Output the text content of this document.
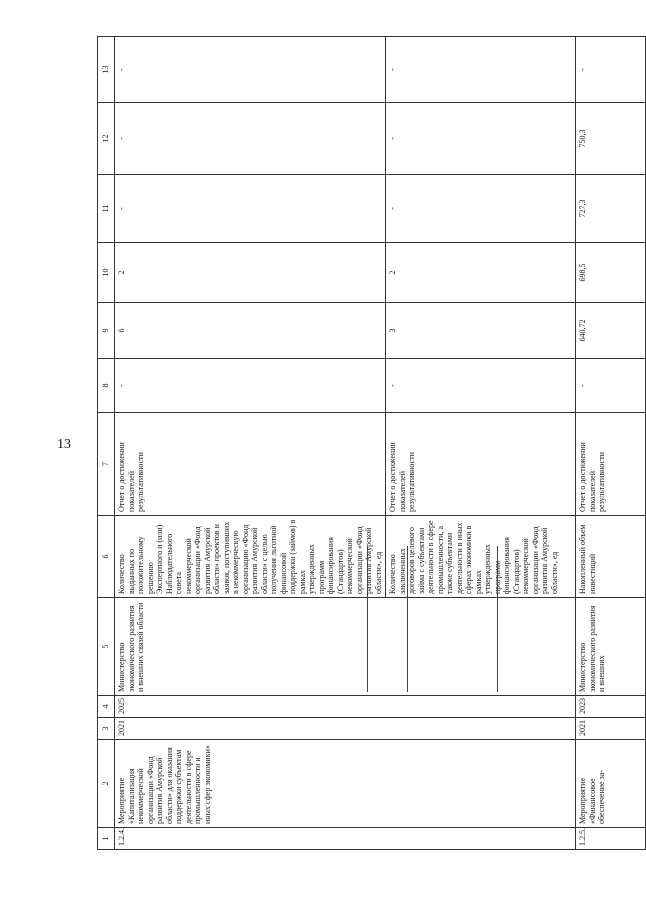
13
1	2	3	4	5	6	7	8	9	10	11	12	13
1.2.4.	Мероприятие «Капитализация некоммерческой организации «Фонд развития Амурской области» для оказания поддержки субъектам деятельности в сфере промышленности и иных сфер экономики»	2021	2025	Министерство экономического развития и внешних связей области	Количество выданных по положительному решению Экспертного и (или) Наблюдательного совета некоммерческой организации «Фонд развития Амурской области» проектов и заявок, поступивших в некоммерческую организацию «Фонд развития Амурской области» с целью получения льготной финансовой поддержки (займов) в рамках утвержденных программ финансирования (Стандартов) некоммерческой организации «Фонд развития Амурской области», ед	Отчет о достижении показателей результативности	-	6	2	-	-	-
					Количество заключенных договоров целевого займа с субъектами деятельности в сфере промышленности, а также субъектами деятельности в иных сферах экономики в рамках утвержденных программ финансирования (Стандартов) некоммерческой организации «Фонд развития Амурской области», ед	Отчет о достижении показателей результативности	-	3	2	-	-	-
1.2.5.	Мероприятие «Финансовое обеспечение за-	2021	2023	Министерство экономического развития и внешних	Накопленный объем инвестиций	Отчет о достижении показателей результативности	-	640,72	698,5	727,3	750,3	-
